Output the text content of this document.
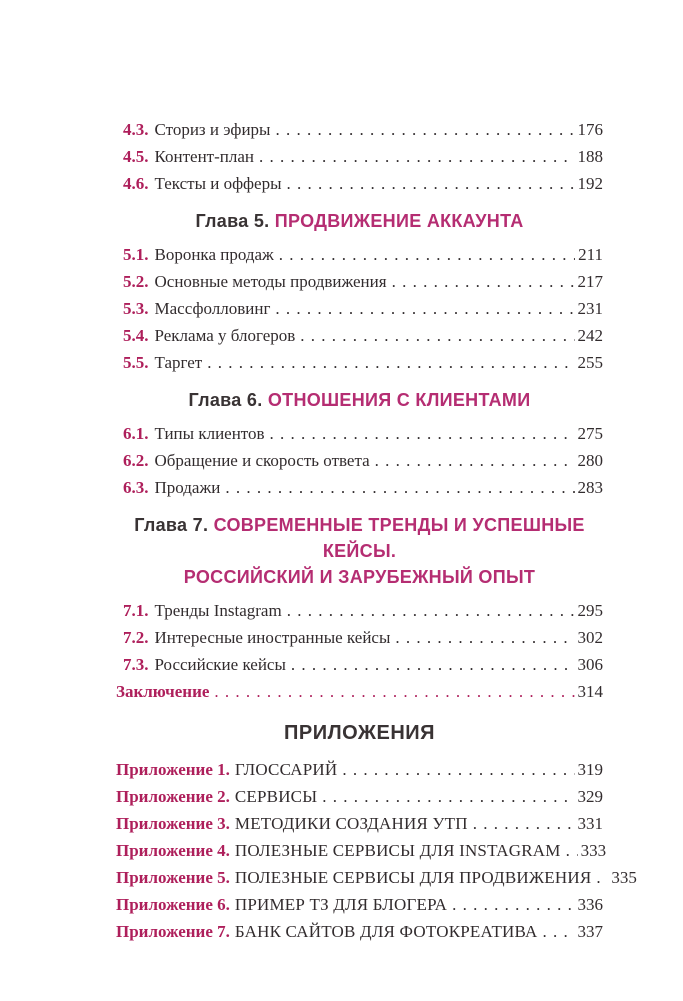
4.3. Сториз и эфиры . . .	176
4.5. Контент-план . . .	188
4.6. Тексты и офферы . . .	192
Глава 5. ПРОДВИЖЕНИЕ АККАУНТА
5.1. Воронка продаж . . .	211
5.2. Основные методы продвижения . . .	217
5.3. Массфолловинг . . .	231
5.4. Реклама у блогеров . . .	242
5.5. Таргет . . .	255
Глава 6. ОТНОШЕНИЯ С КЛИЕНТАМИ
6.1. Типы клиентов . . .	275
6.2. Обращение и скорость ответа . . .	280
6.3. Продажи . . .	283
Глава 7. СОВРЕМЕННЫЕ ТРЕНДЫ И УСПЕШНЫЕ КЕЙСЫ.
РОССИЙСКИЙ И ЗАРУБЕЖНЫЙ ОПЫТ
7.1. Тренды Instagram . . .	295
7.2. Интересные иностранные кейсы . . .	302
7.3. Российские кейсы . . .	306
Заключение . . .	314
ПРИЛОЖЕНИЯ
Приложение 1. ГЛОССАРИЙ . . .	319
Приложение 2. СЕРВИСЫ . . .	329
Приложение 3. МЕТОДИКИ СОЗДАНИЯ УТП . . .	331
Приложение 4. ПОЛЕЗНЫЕ СЕРВИСЫ ДЛЯ INSTAGRAM . . . 333
Приложение 5. ПОЛЕЗНЫЕ СЕРВИСЫ ДЛЯ ПРОДВИЖЕНИЯ . . . 335
Приложение 6. ПРИМЕР ТЗ ДЛЯ БЛОГЕРА . . .	336
Приложение 7. БАНК САЙТОВ ДЛЯ ФОТОКРЕАТИВА . . . 337
